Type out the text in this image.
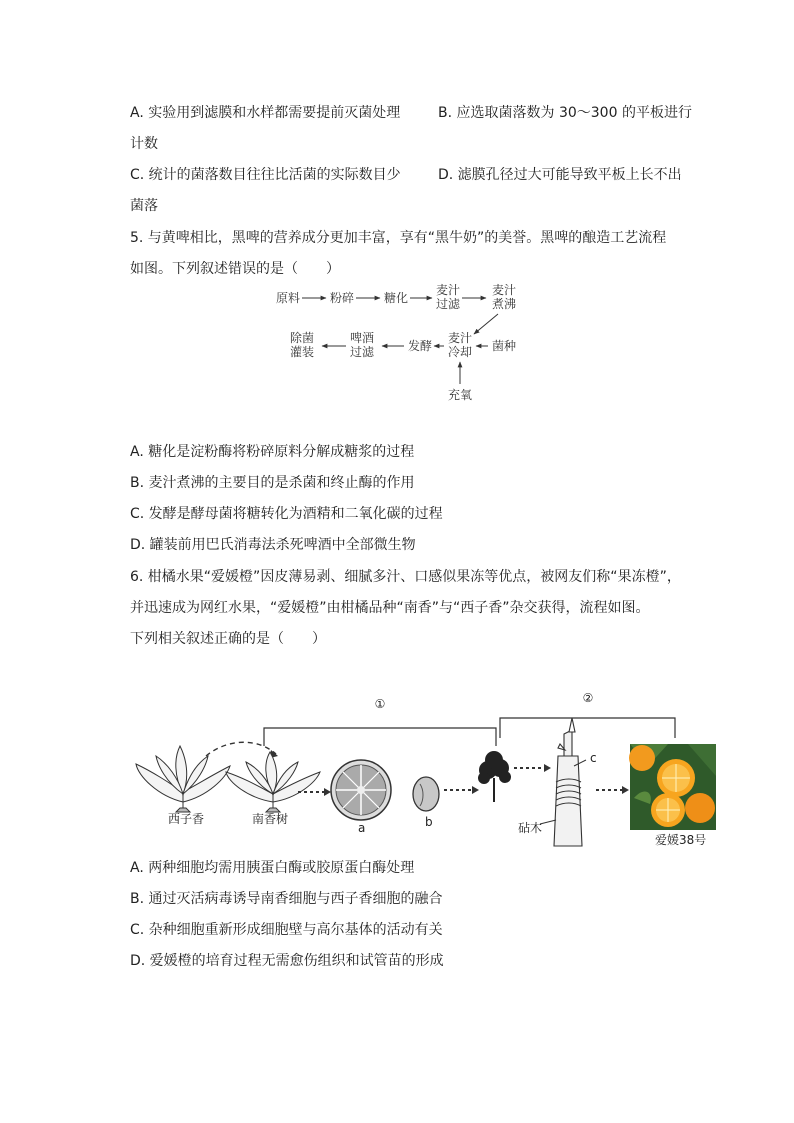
A. 实验用到滤膜和水样都需要提前灭菌处理	B. 应选取菌落数为 30～300 的平板进行
计数
C. 统计的菌落数目往往比活菌的实际数目少	D. 滤膜孔径过大可能导致平板上长不出
菌落
5. 与黄啤相比，黑啤的营养成分更加丰富，享有“黑牛奶”的美誉。黑啤的酿造工艺流程
如图。下列叙述错误的是（　　）
原料 粉碎 糖化
麦汁
过滤
麦汁
煮沸
麦汁
冷却 菌种
发酵
啤酒
过滤
除菌
灌装
充氧
A. 糖化是淀粉酶将粉碎原料分解成糖浆的过程
B. 麦汁煮沸的主要目的是杀菌和终止酶的作用
C. 发酵是酵母菌将糖转化为酒精和二氧化碳的过程
D. 罐装前用巴氏消毒法杀死啤酒中全部微生物
6. 柑橘水果“爱媛橙”因皮薄易剥、细腻多汁、口感似果冻等优点，被网友们称“果冻橙”，
并迅速成为网红水果，“爱媛橙”由柑橘品种“南香”与“西子香”杂交获得，流程如图。
下列相关叙述正确的是（　　）
①	②
西子香	南香树
a	b
c
砧木
爱媛38号
A. 两种细胞均需用胰蛋白酶或胶原蛋白酶处理
B. 通过灭活病毒诱导南香细胞与西子香细胞的融合
C. 杂种细胞重新形成细胞壁与高尔基体的活动有关
D. 爱媛橙的培育过程无需愈伤组织和试管苗的形成
